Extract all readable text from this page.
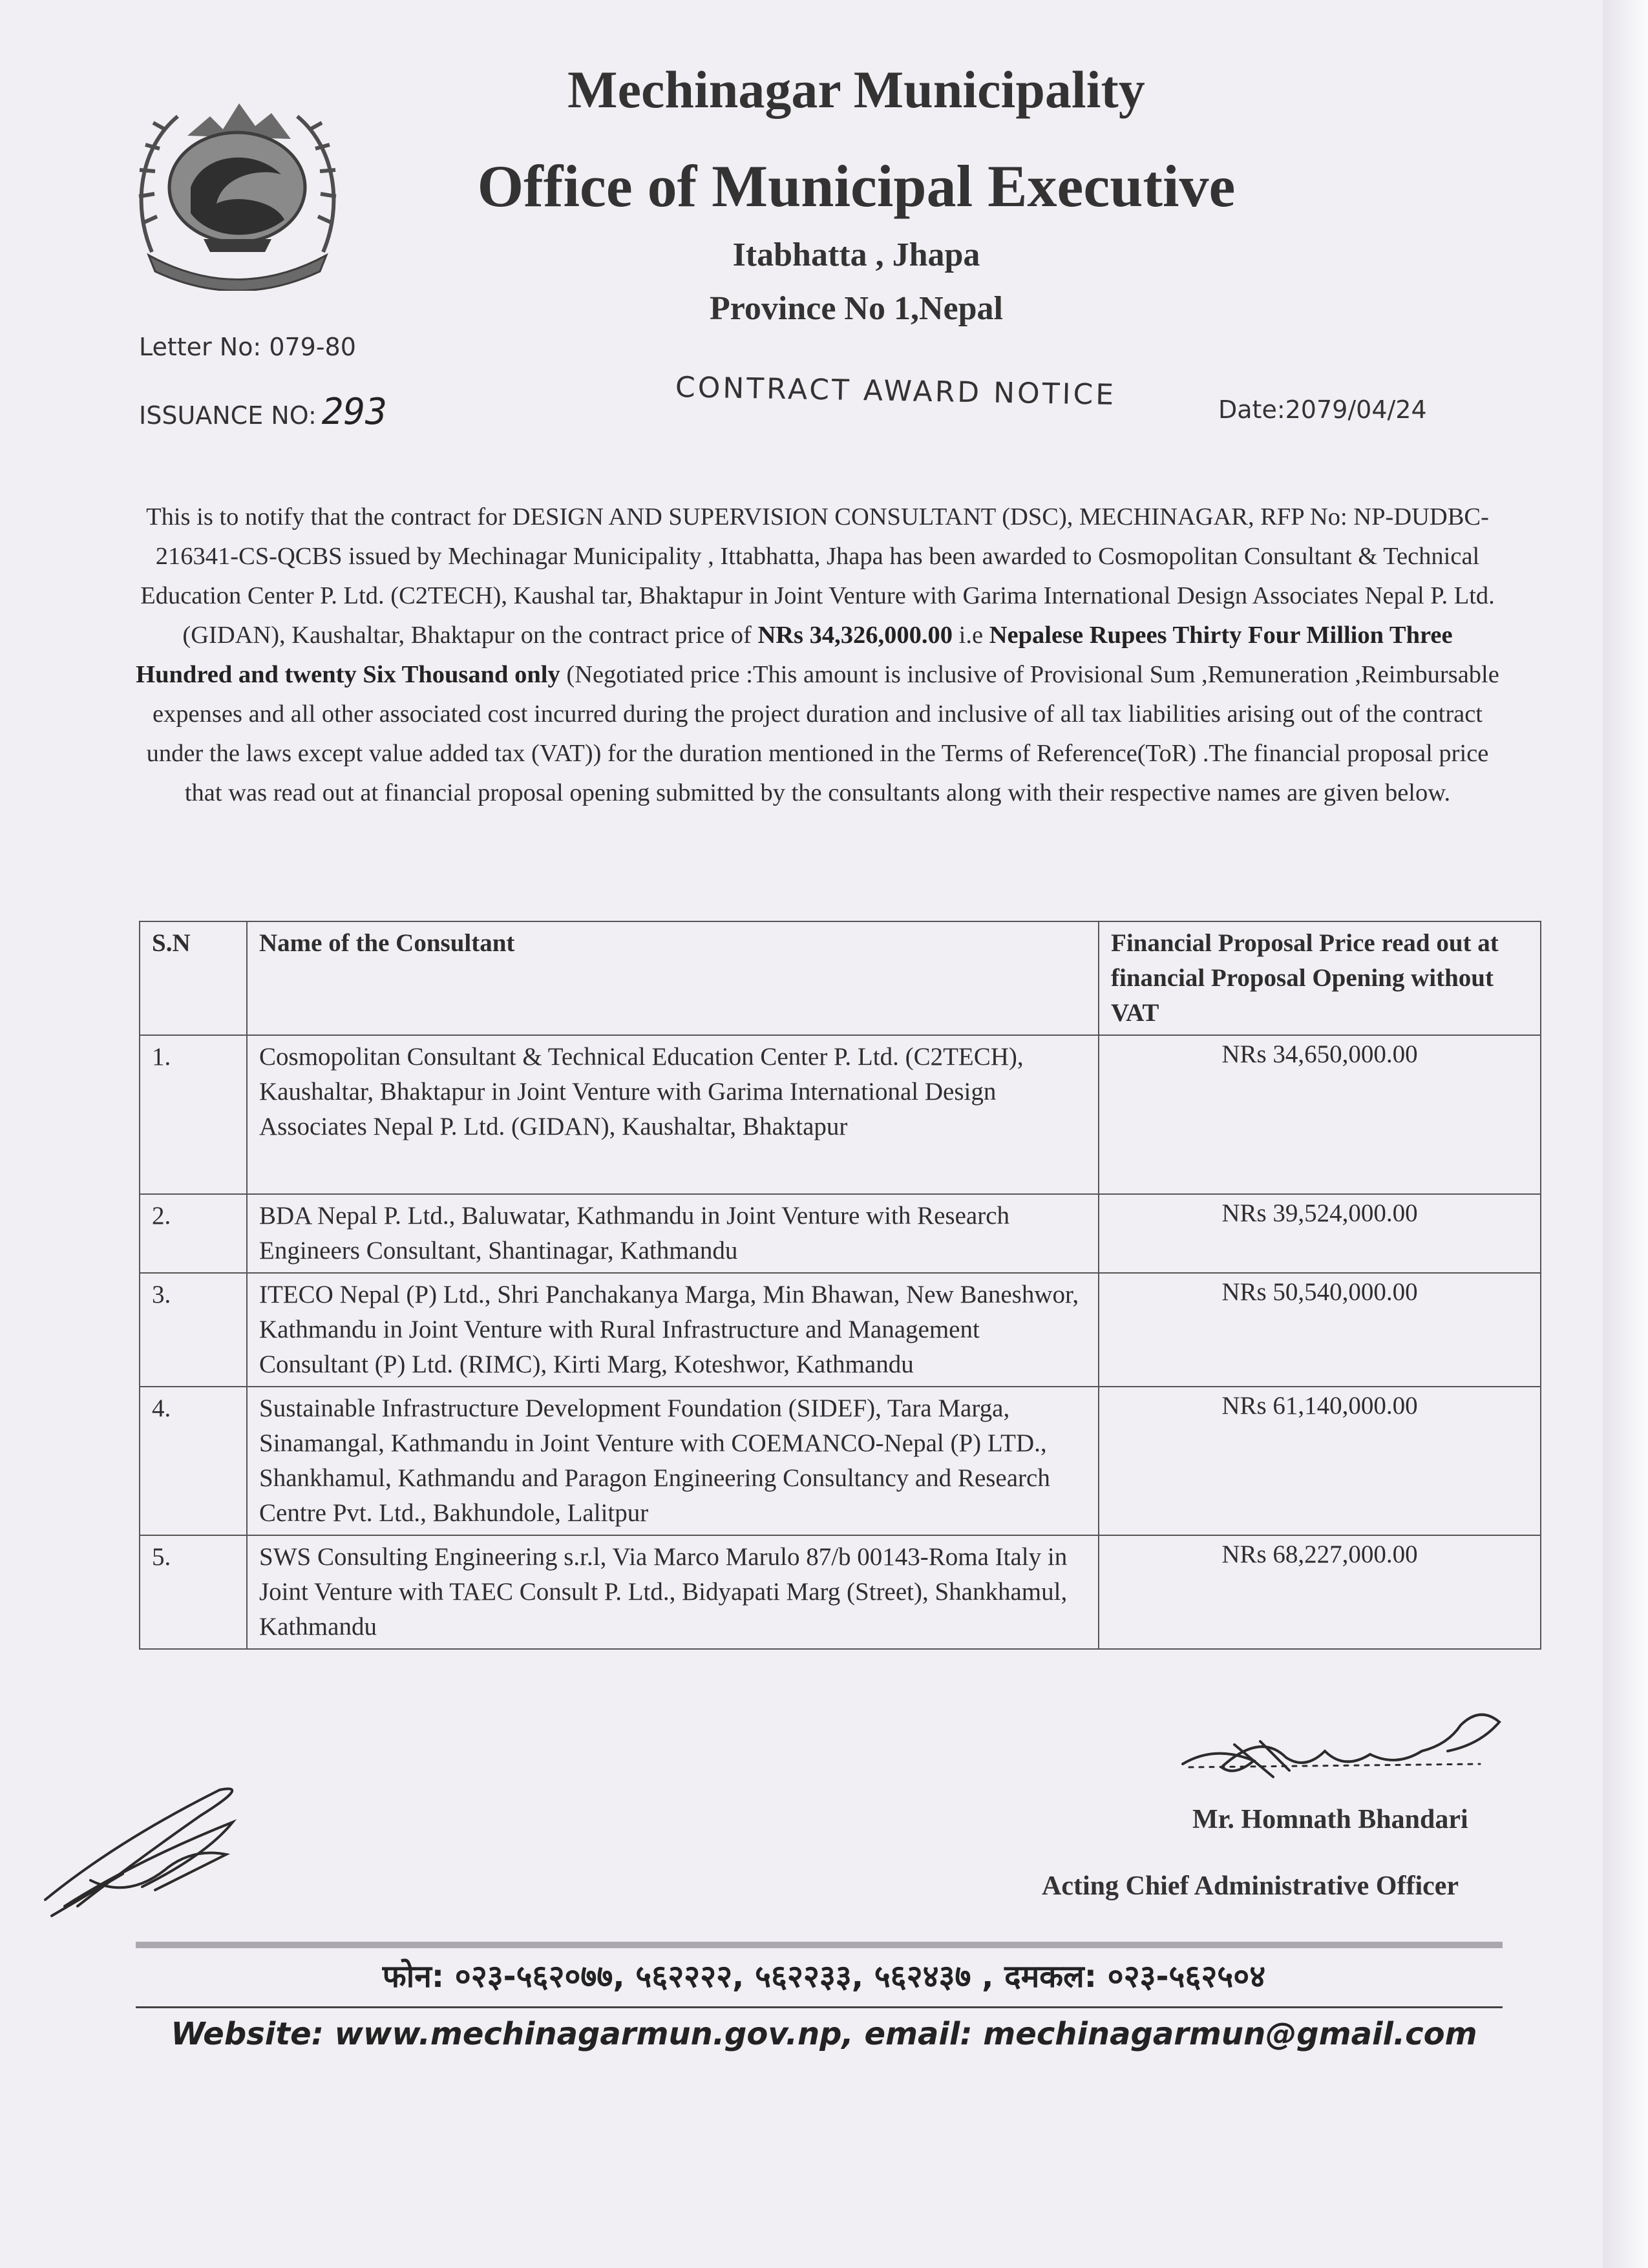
Mechinagar Municipality
Office of Municipal Executive
Itabhatta , Jhapa
Province No 1,Nepal
Letter No: 079-80
ISSUANCE NO: 293	CONTRACT AWARD NOTICE	Date:2079/04/24
This is to notify that the contract for DESIGN AND SUPERVISION CONSULTANT (DSC), MECHINAGAR, RFP No: NP-DUDBC-216341-CS-QCBS issued by Mechinagar Municipality , Ittabhatta, Jhapa has been awarded to Cosmopolitan Consultant & Technical Education Center P. Ltd. (C2TECH), Kaushal tar, Bhaktapur in Joint Venture with Garima International Design Associates Nepal P. Ltd. (GIDAN), Kaushaltar, Bhaktapur on the contract price of NRs 34,326,000.00 i.e Nepalese Rupees Thirty Four Million Three Hundred and twenty Six Thousand only (Negotiated price :This amount is inclusive of Provisional Sum ,Remuneration ,Reimbursable expenses and all other associated cost incurred during the project duration and inclusive of all tax liabilities arising out of the contract under the laws except value added tax (VAT)) for the duration mentioned in the Terms of Reference(ToR) .The financial proposal price that was read out at financial proposal opening submitted by the consultants along with their respective names are given below.
S.N	Name of the Consultant	Financial Proposal Price read out at financial Proposal Opening without VAT
1.	Cosmopolitan Consultant & Technical Education Center P. Ltd. (C2TECH), Kaushaltar, Bhaktapur in Joint Venture with Garima International Design Associates Nepal P. Ltd. (GIDAN), Kaushaltar, Bhaktapur	NRs 34,650,000.00
2.	BDA Nepal P. Ltd., Baluwatar, Kathmandu in Joint Venture with Research Engineers Consultant, Shantinagar, Kathmandu	NRs 39,524,000.00
3.	ITECO Nepal (P) Ltd., Shri Panchakanya Marga, Min Bhawan, New Baneshwor, Kathmandu in Joint Venture with Rural Infrastructure and Management Consultant (P) Ltd. (RIMC), Kirti Marg, Koteshwor, Kathmandu	NRs 50,540,000.00
4.	Sustainable Infrastructure Development Foundation (SIDEF), Tara Marga, Sinamangal, Kathmandu in Joint Venture with COEMANCO-Nepal (P) LTD., Shankhamul, Kathmandu and Paragon Engineering Consultancy and Research Centre Pvt. Ltd., Bakhundole, Lalitpur	NRs 61,140,000.00
5.	SWS Consulting Engineering s.r.l, Via Marco Marulo 87/b 00143-Roma Italy in Joint Venture with TAEC Consult P. Ltd., Bidyapati Marg (Street), Shankhamul, Kathmandu	NRs 68,227,000.00
Mr. Homnath Bhandari
Acting Chief Administrative Officer
फोन: ०२३-५६२०७७, ५६२२२२, ५६२२३३, ५६२४३७ , दमकल: ०२३-५६२५०४
Website: www.mechinagarmun.gov.np, email: mechinagarmun@gmail.com
